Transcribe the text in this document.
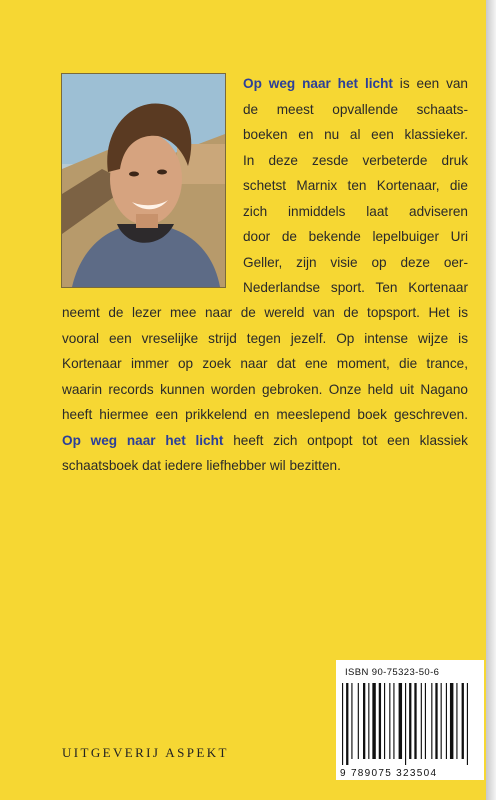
Op weg naar het licht is een van
de meest opvallende schaats-
boeken en nu al een klassieker.
In deze zesde verbeterde druk
schetst Marnix ten Kortenaar, die
zich inmiddels laat adviseren
door de bekende lepelbuiger Uri
Geller, zijn visie op deze oer-
Nederlandse sport. Ten Kortenaar
neemt de lezer mee naar de wereld van de topsport. Het is
vooral een vreselijke strijd tegen jezelf. Op intense wijze is
Kortenaar immer op zoek naar dat ene moment, die trance,
waarin records kunnen worden gebroken. Onze held uit Nagano
heeft hiermee een prikkelend en meeslepend boek geschreven.
Op weg naar het licht heeft zich ontpopt tot een klassiek
schaatsboek dat iedere liefhebber wil bezitten.
UITGEVERIJ ASPEKT
ISBN 90-75323-50-6
9 789075 323504
